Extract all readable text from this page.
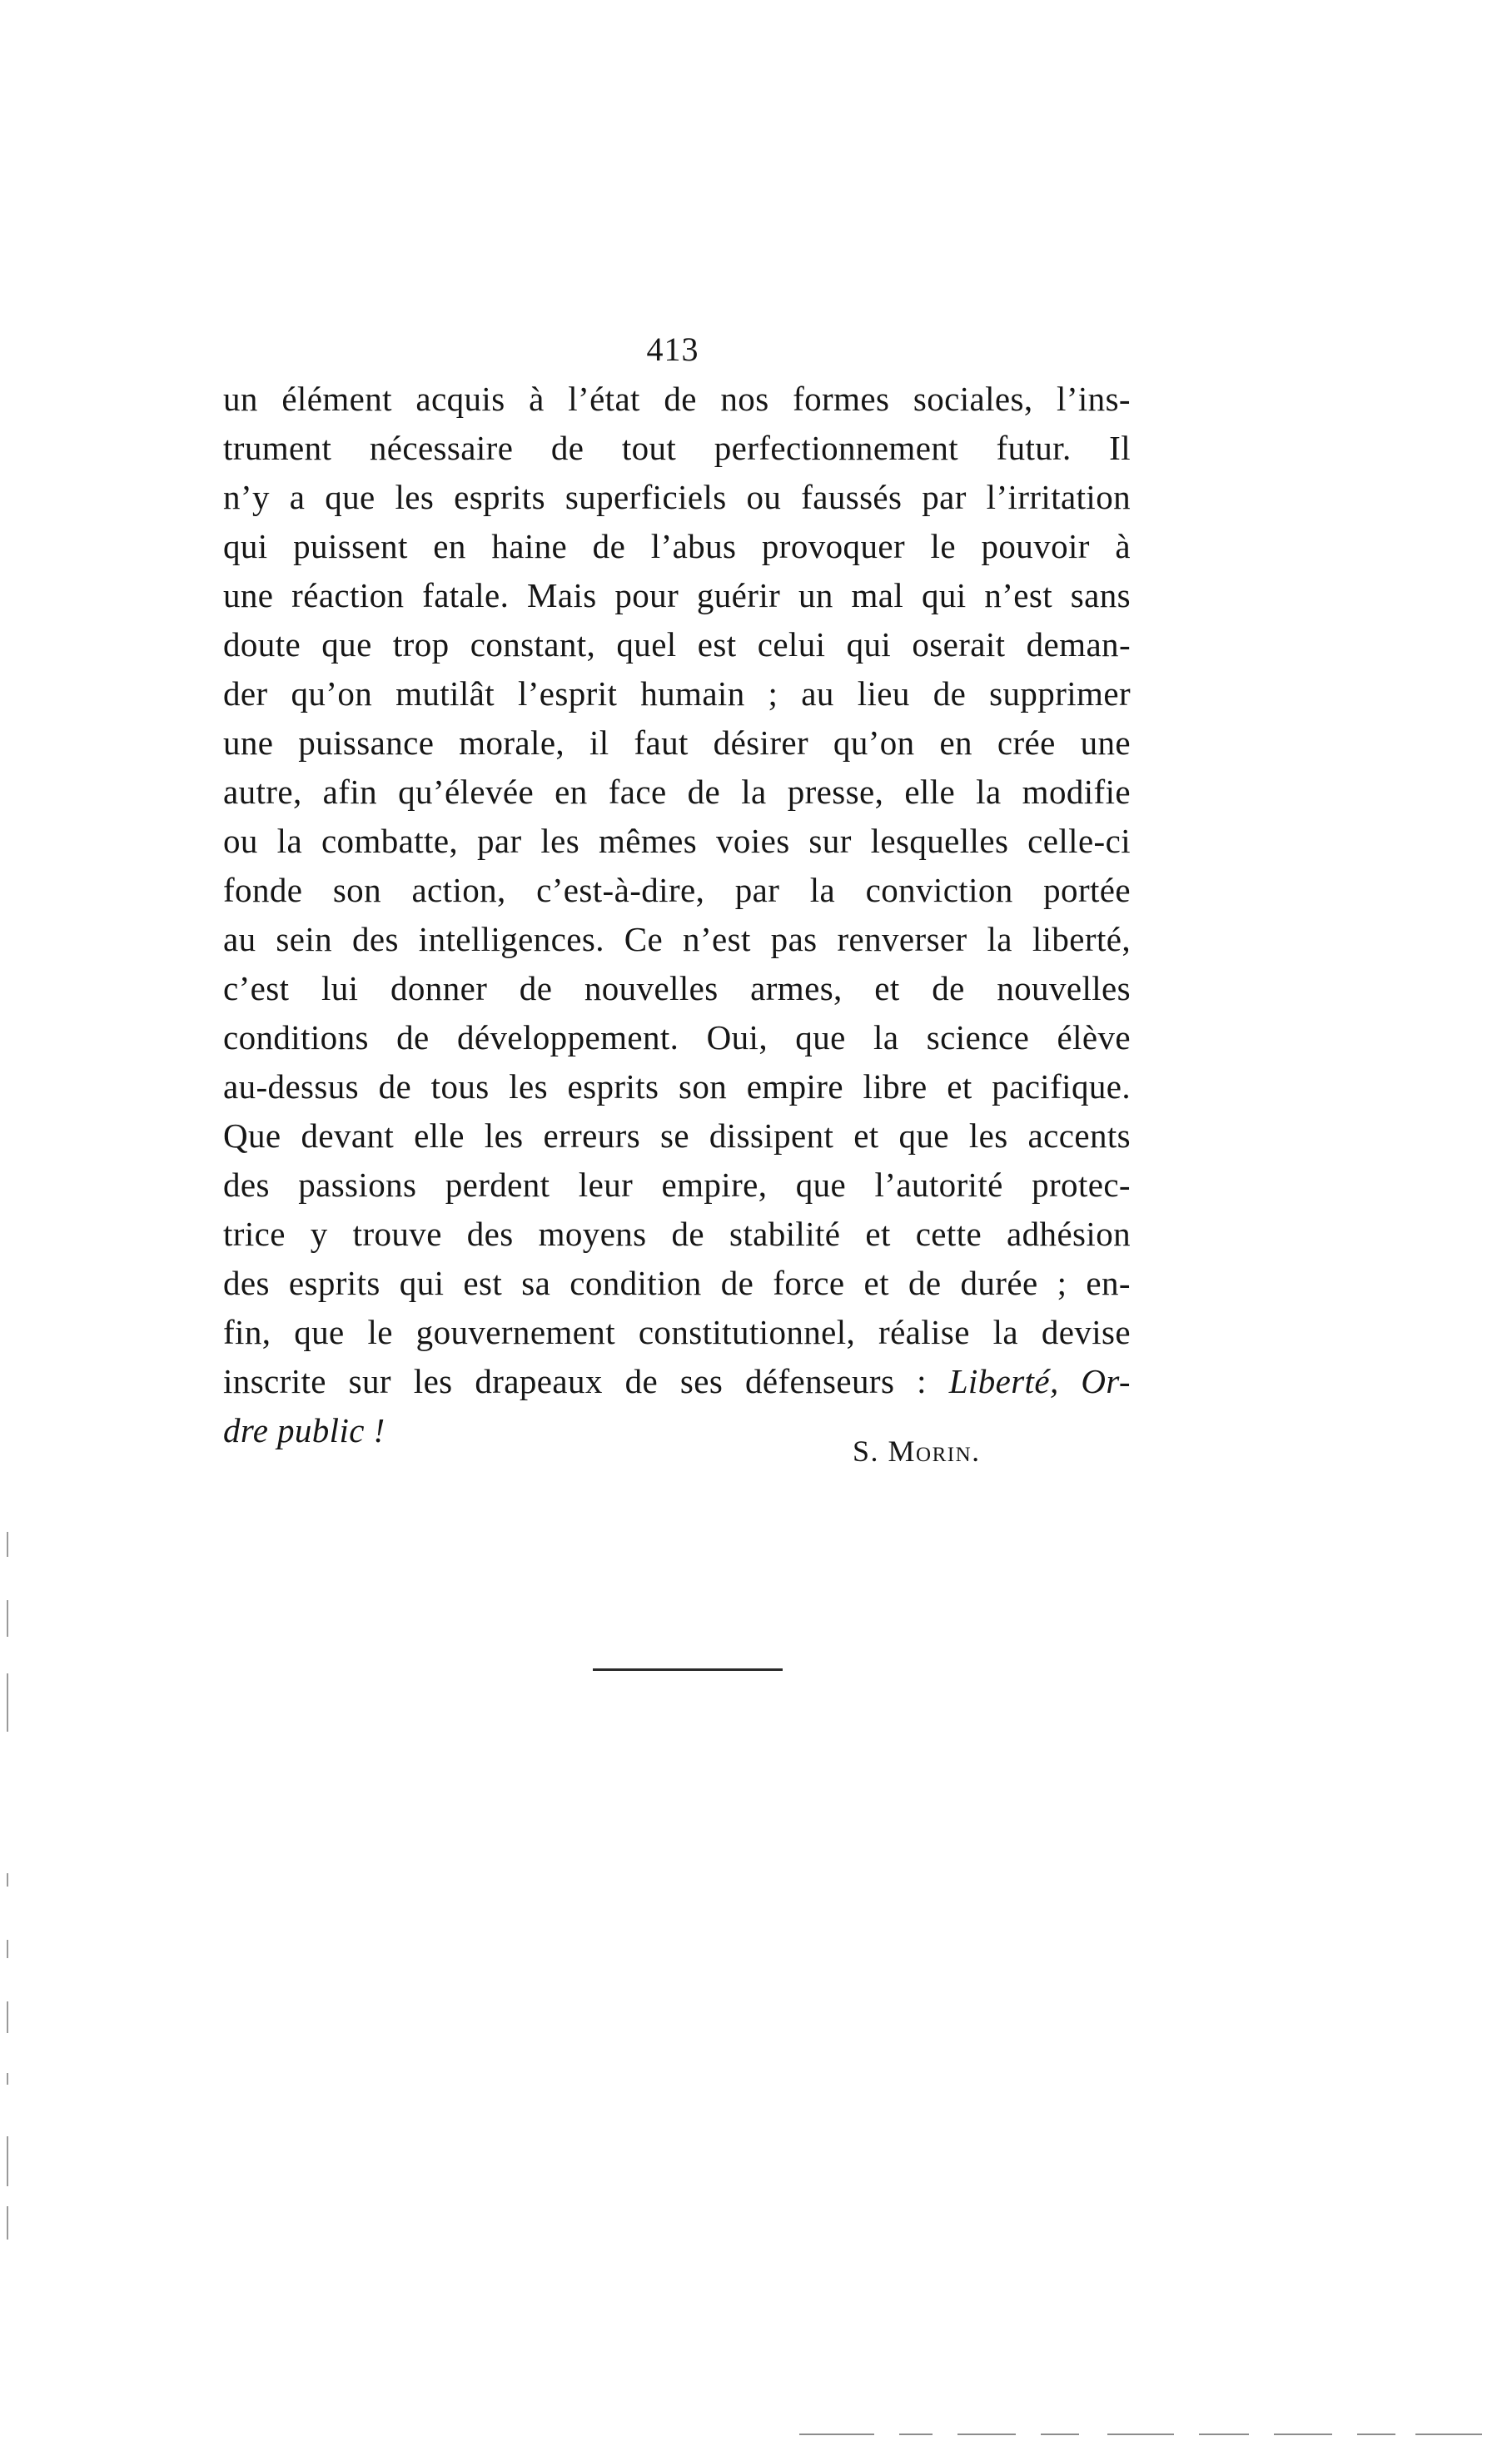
413
un élément acquis à l’état de nos formes sociales, l’ins-
trument nécessaire de tout perfectionnement futur. Il
n’y a que les esprits superficiels ou faussés par l’irritation
qui puissent en haine de l’abus provoquer le pouvoir à
une réaction fatale. Mais pour guérir un mal qui n’est sans
doute que trop constant, quel est celui qui oserait deman-
der qu’on mutilât l’esprit humain ; au lieu de supprimer
une puissance morale, il faut désirer qu’on en crée une
autre, afin qu’élevée en face de la presse, elle la modifie
ou la combatte, par les mêmes voies sur lesquelles celle-ci
fonde son action, c’est-à-dire, par la conviction portée
au sein des intelligences. Ce n’est pas renverser la liberté,
c’est lui donner de nouvelles armes, et de nouvelles
conditions de développement. Oui, que la science élève
au-dessus de tous les esprits son empire libre et pacifique.
Que devant elle les erreurs se dissipent et que les accents
des passions perdent leur empire, que l’autorité protec-
trice y trouve des moyens de stabilité et cette adhésion
des esprits qui est sa condition de force et de durée ; en-
fin, que le gouvernement constitutionnel, réalise la devise
inscrite sur les drapeaux de ses défenseurs : Liberté, Or-
dre public !
S. Morin.
